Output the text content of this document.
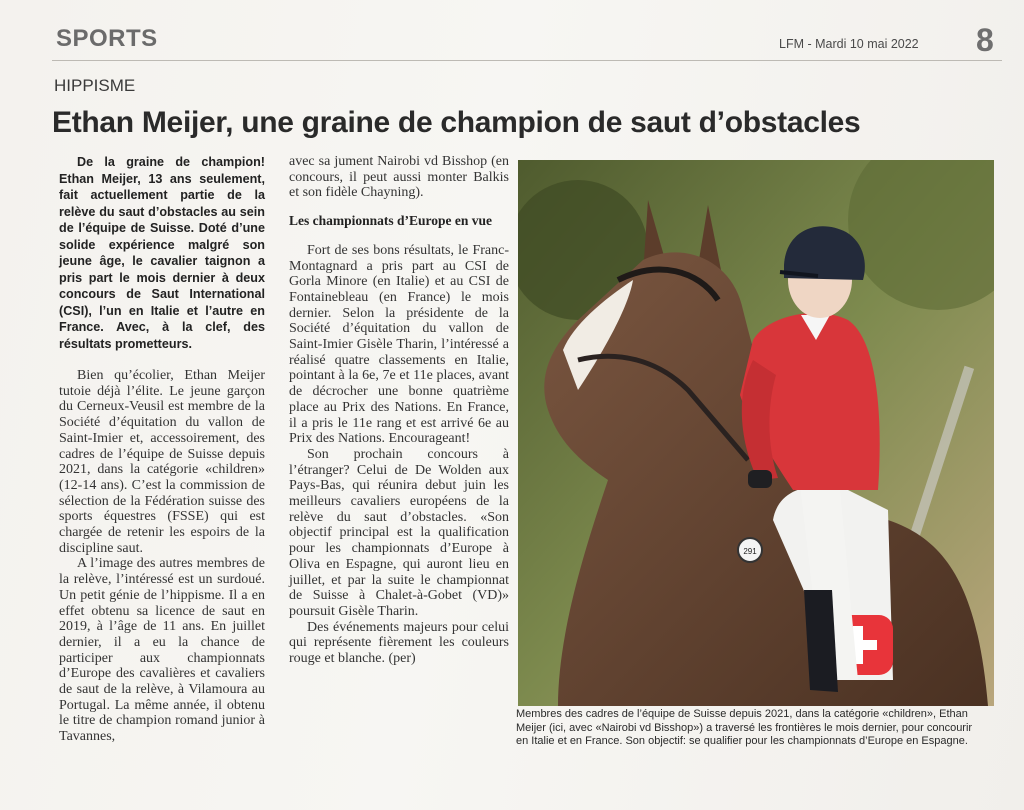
SPORTS	LFM - Mardi 10 mai 2022 8
HIPPISME
Ethan Meijer, une graine de champion de saut d’obstacles

De la graine de champion! Ethan Meijer, 13 ans seulement, fait actuellement partie de la relève du saut d’obstacles au sein de l’équipe de Suisse. Doté d’une solide expérience malgré son jeune âge, le cavalier taignon a pris part le mois dernier à deux concours de Saut International (CSI), l’un en Italie et l’autre en France. Avec, à la clef, des résultats prometteurs.

Bien qu’écolier, Ethan Meijer tutoie déjà l’élite. Le jeune garçon du Cerneux-Veusil est membre de la Société d’équitation du vallon de Saint-Imier et, accessoirement, des cadres de l’équipe de Suisse depuis 2021, dans la catégorie «children» (12-14 ans). C’est la commission de sélection de la Fédération suisse des sports équestres (FSSE) qui est chargée de retenir les espoirs de la discipline saut.

A l’image des autres membres de la relève, l’intéressé est un surdoué. Un petit génie de l’hippisme. Il a en effet obtenu sa licence de saut en 2019, à l’âge de 11 ans. En juillet dernier, il a eu la chance de participer aux championnats d’Europe des cavalières et cavaliers de saut de la relève, à Vilamoura au Portugal. La même année, il obtenu le titre de champion romand junior à Tavannes,

avec sa jument Nairobi vd Bisshop (en concours, il peut aussi monter Balkis et son fidèle Chayning).

Les championnats d’Europe en vue

Fort de ses bons résultats, le Franc-Montagnard a pris part au CSI de Gorla Minore (en Italie) et au CSI de Fontainebleau (en France) le mois dernier. Selon la présidente de la Société d’équitation du vallon de Saint-Imier Gisèle Tharin, l’intéressé a réalisé quatre classements en Italie, pointant à la 6e, 7e et 11e places, avant de décrocher une bonne quatrième place au Prix des Nations. En France, il a pris le 11e rang et est arrivé 6e au Prix des Nations. Encourageant!

Son prochain concours à l’étranger? Celui de De Wolden aux Pays-Bas, qui réunira debut juin les meilleurs cavaliers européens de la relève du saut d’obstacles. «Son objectif principal est la qualification pour les championnats d’Europe à Oliva en Espagne, qui auront lieu en juillet, et par la suite le championnat de Suisse à Chalet-à-Gobet (VD)» poursuit Gisèle Tharin.

Des événements majeurs pour celui qui représente fièrement les couleurs rouge et blanche. (per)

291
Membres des cadres de l’équipe de Suisse depuis 2021, dans la catégorie «children», Ethan Meijer (ici, avec «Nairobi vd Bisshop») a traversé les frontières le mois dernier, pour concourir en Italie et en France. Son objectif: se qualifier pour les championnats d’Europe en Espagne.
